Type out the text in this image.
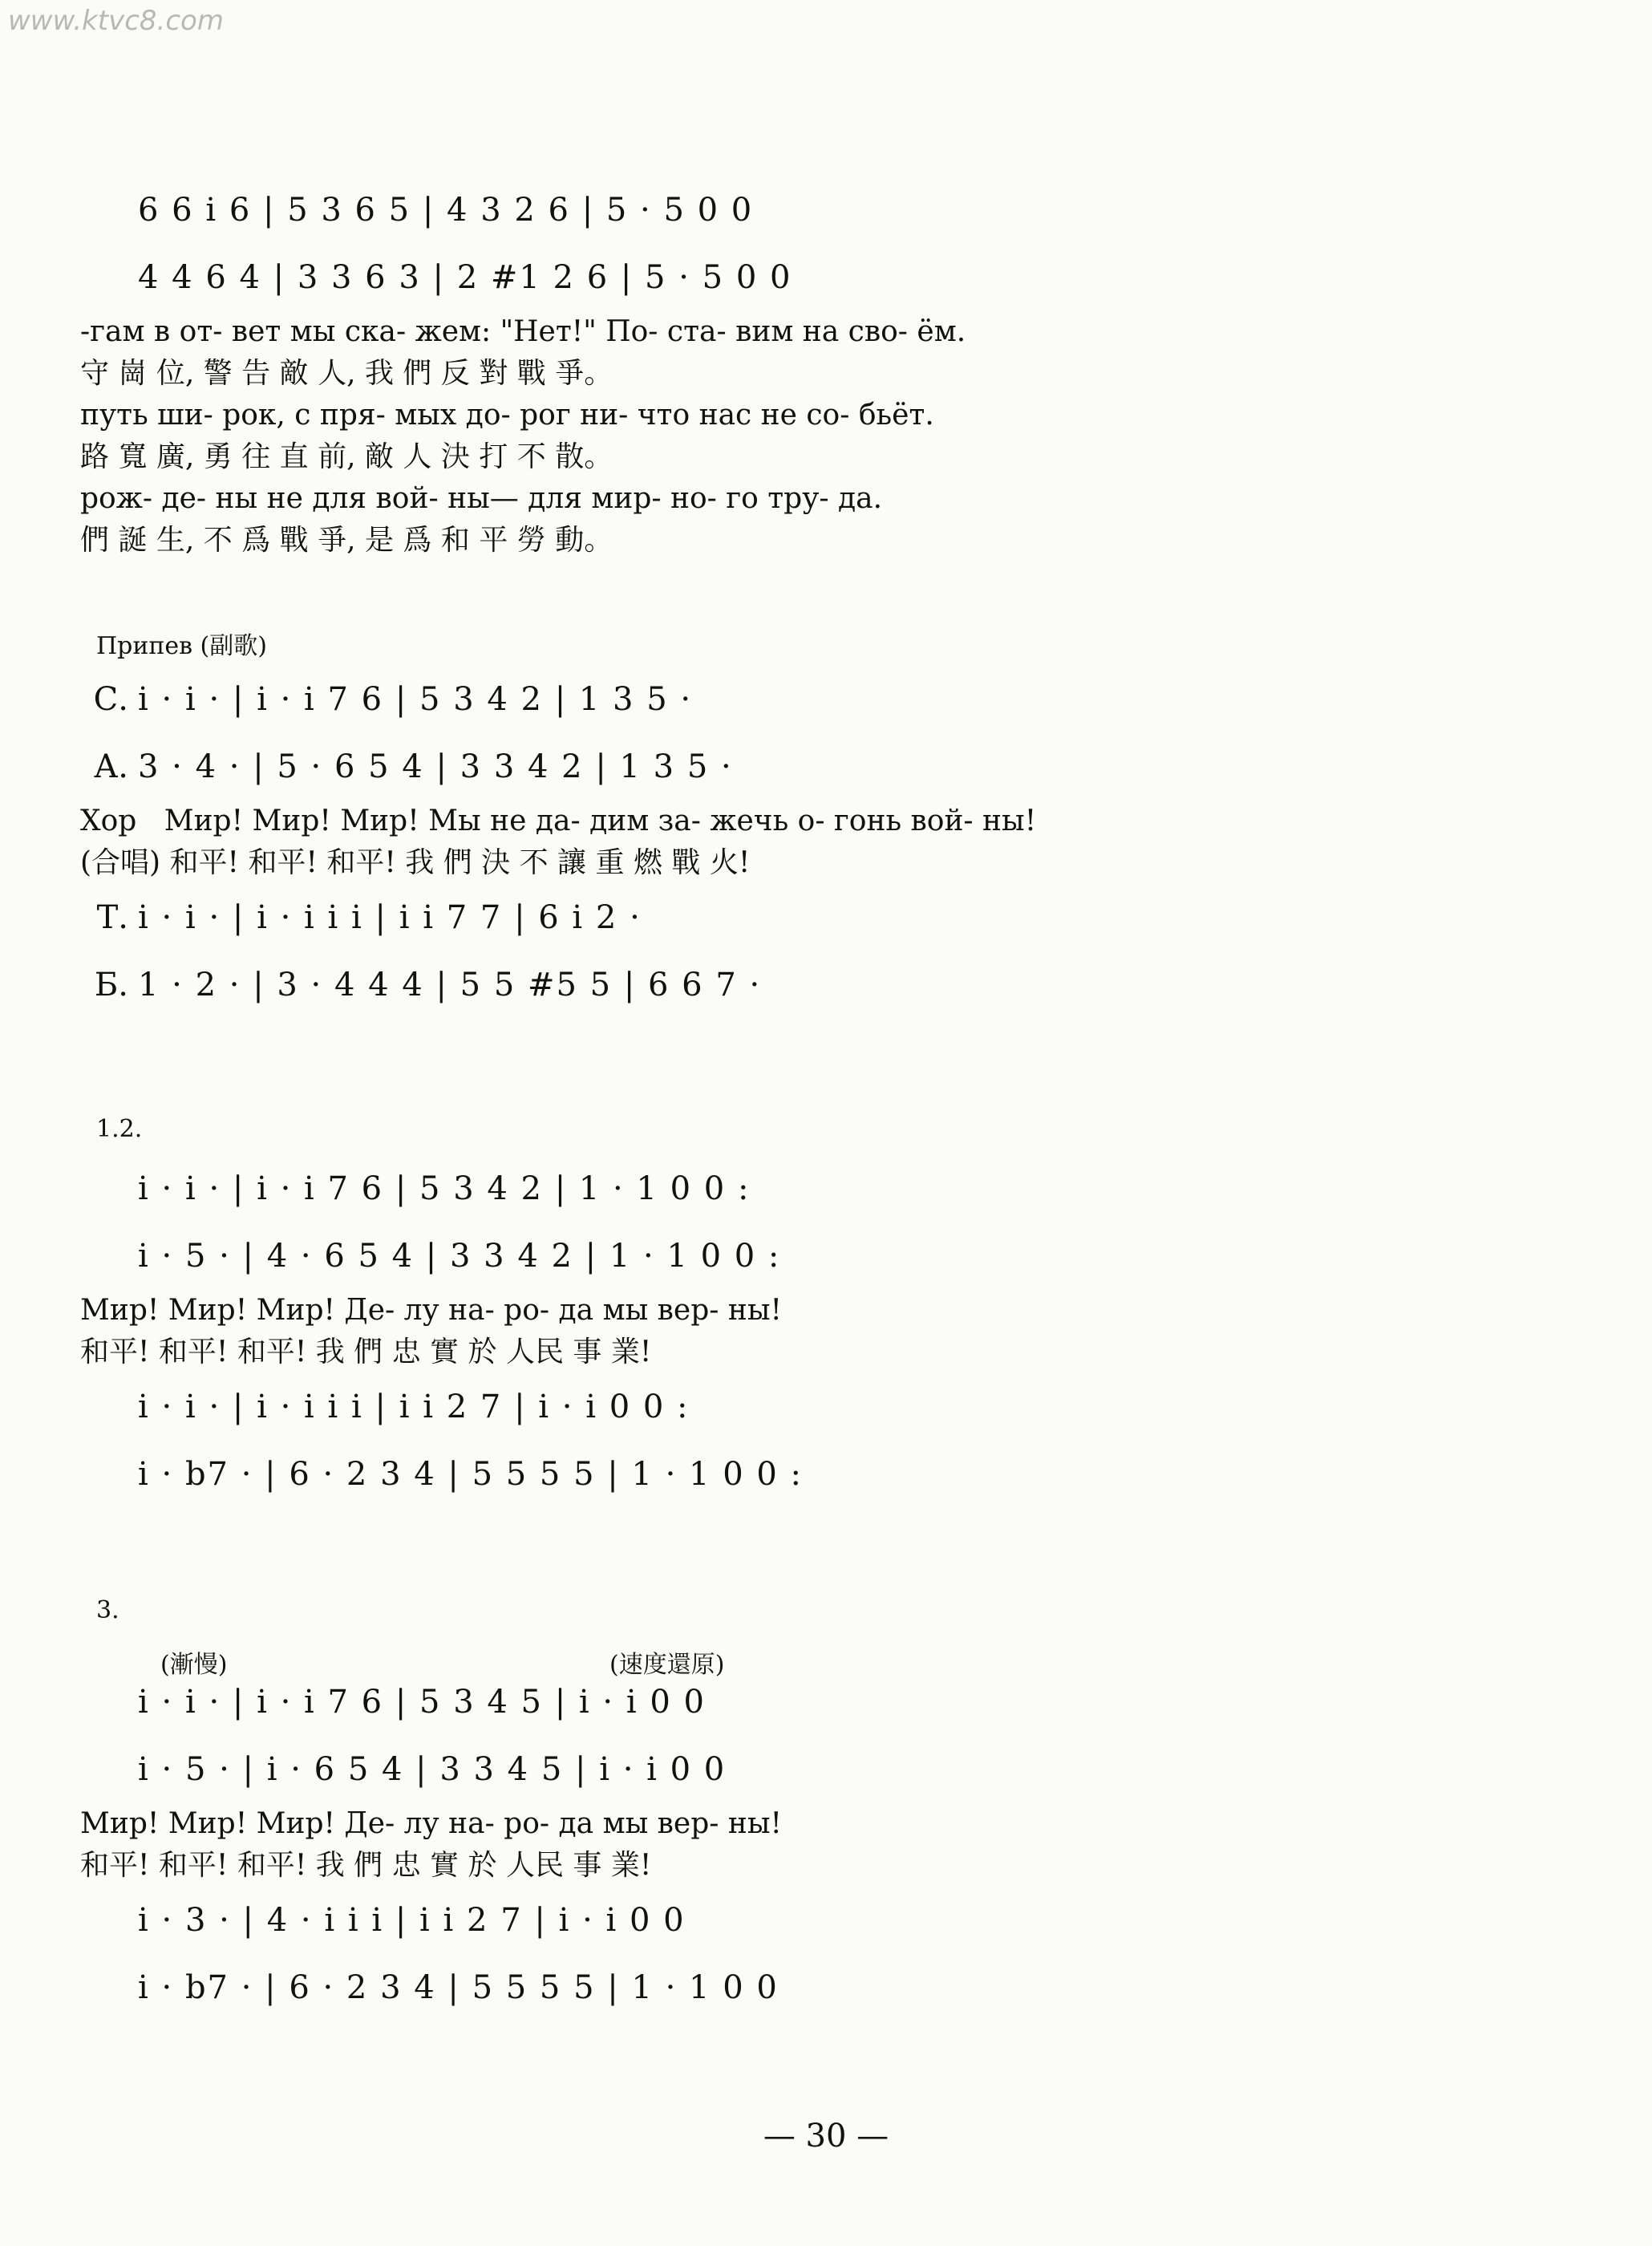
www.ktvc8.com
6 6 i 6 | 5 3 6 5 | 4 3 2 6 | 5 · 5 0 0
4 4 6 4 | 3 3 6 3 | 2 #1 2 6 | 5 · 5 0 0
-гам в от- вет мы ска- жем: "Нет!" По- ста- вим на сво- ём.
守 崗 位, 警 告 敵 人, 我 們 反 對 戰 爭。
путь ши- рок, с пря- мых до- рог ни- что нас не со- бьёт.
路 寬 廣, 勇 往 直 前, 敵 人 決 打 不 散。
рож- де- ны не для вой- ны— для мир- но- го тру- да.
們 誕 生, 不 爲 戰 爭, 是 爲 和 平 勞 動。
Припев (副歌)
С. i · i · | i · i 7 6 | 5 3 4 2 | 1 3 5 ·
А. 3 · 4 · | 5 · 6 5 4 | 3 3 4 2 | 1 3 5 ·
Хор Мир! Мир! Мир! Мы не да- дим за- жечь о- гонь вой- ны!
(合唱) 和平! 和平! 和平! 我 們 決 不 讓 重 燃 戰 火!
Т. i · i · | i · i i i | i i 7 7 | 6 i 2 ·
Б. 1 · 2 · | 3 · 4 4 4 | 5 5 #5 5 | 6 6 7 ·
1.2.
i · i · | i · i 7 6 | 5 3 4 2 | 1 · 1 0 0 :
i · 5 · | 4 · 6 5 4 | 3 3 4 2 | 1 · 1 0 0 :
Мир! Мир! Мир! Де- лу на- ро- да мы вер- ны!
和平! 和平! 和平! 我 們 忠 實 於 人民 事 業!
i · i · | i · i i i | i i 2 7 | i · i 0 0 :
i · b7 · | 6 · 2 3 4 | 5 5 5 5 | 1 · 1 0 0 :
3.
(漸慢)	(速度還原)
i · i · | i · i 7 6 | 5 3 4 5 | i · i 0 0
i · 5 · | i · 6 5 4 | 3 3 4 5 | i · i 0 0
Мир! Мир! Мир! Де- лу на- ро- да мы вер- ны!
和平! 和平! 和平! 我 們 忠 實 於 人民 事 業!
i · 3 · | 4 · i i i | i i 2 7 | i · i 0 0
i · b7 · | 6 · 2 3 4 | 5 5 5 5 | 1 · 1 0 0
— 30 —
